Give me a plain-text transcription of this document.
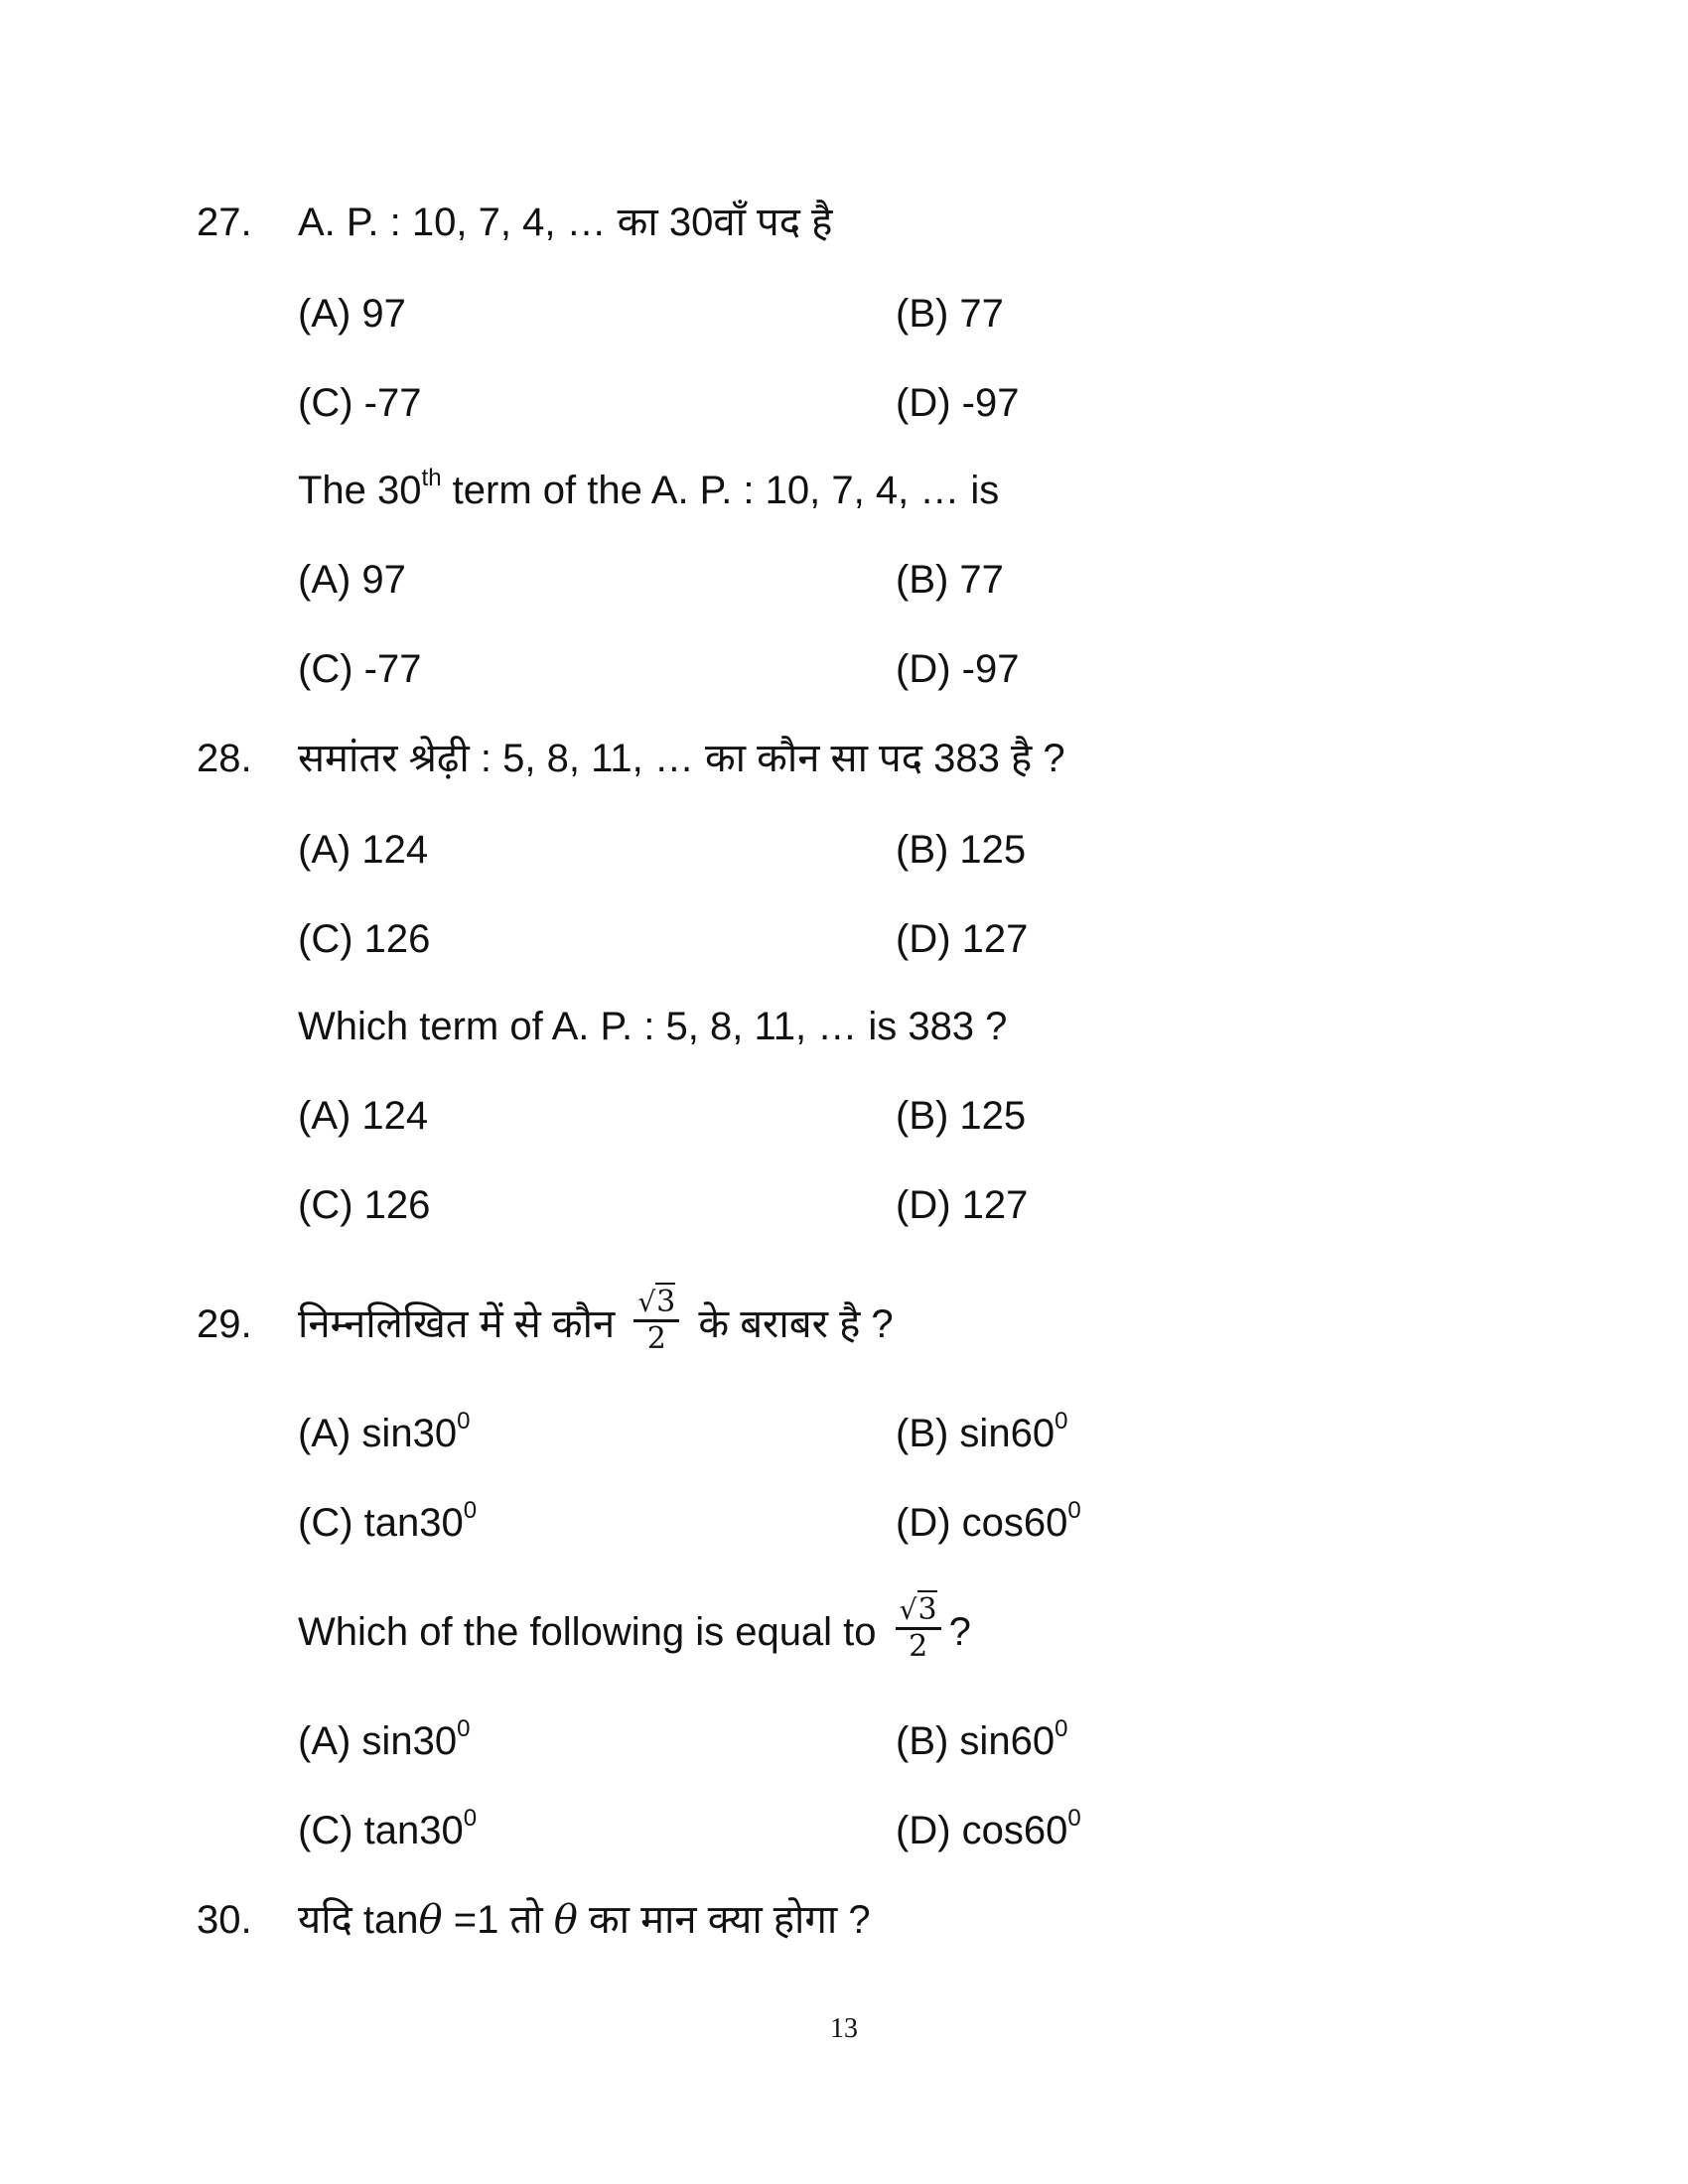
27. A. P. : 10, 7, 4, … का 30वाँ पद है
(A) 97	(B) 77
(C) -77	(D) -97
The 30th term of the A. P. : 10, 7, 4, … is
(A) 97	(B) 77
(C) -77	(D) -97
28. समांतर श्रेढ़ी : 5, 8, 11, … का कौन सा पद 383 है ?
(A) 124	(B) 125
(C) 126	(D) 127
Which term of A. P. : 5, 8, 11, … is 383 ?
(A) 124	(B) 125
(C) 126	(D) 127
29. निम्नलिखित में से कौन $\frac{√3}{2}$ के बराबर है ?
(A) $\sin 30^0$	(B) $\sin 60^0$
(C) $\tan 30^0$	(D) $\cos 60^0$
Which of the following is equal to $\frac{√3}{2}$ ?
(A) $\sin 30^0$	(B) $\sin 60^0$
(C) $\tan 30^0$	(D) $\cos 60^0$
30. यदि tanθ =1 तो θ का मान क्या होगा ?
13
